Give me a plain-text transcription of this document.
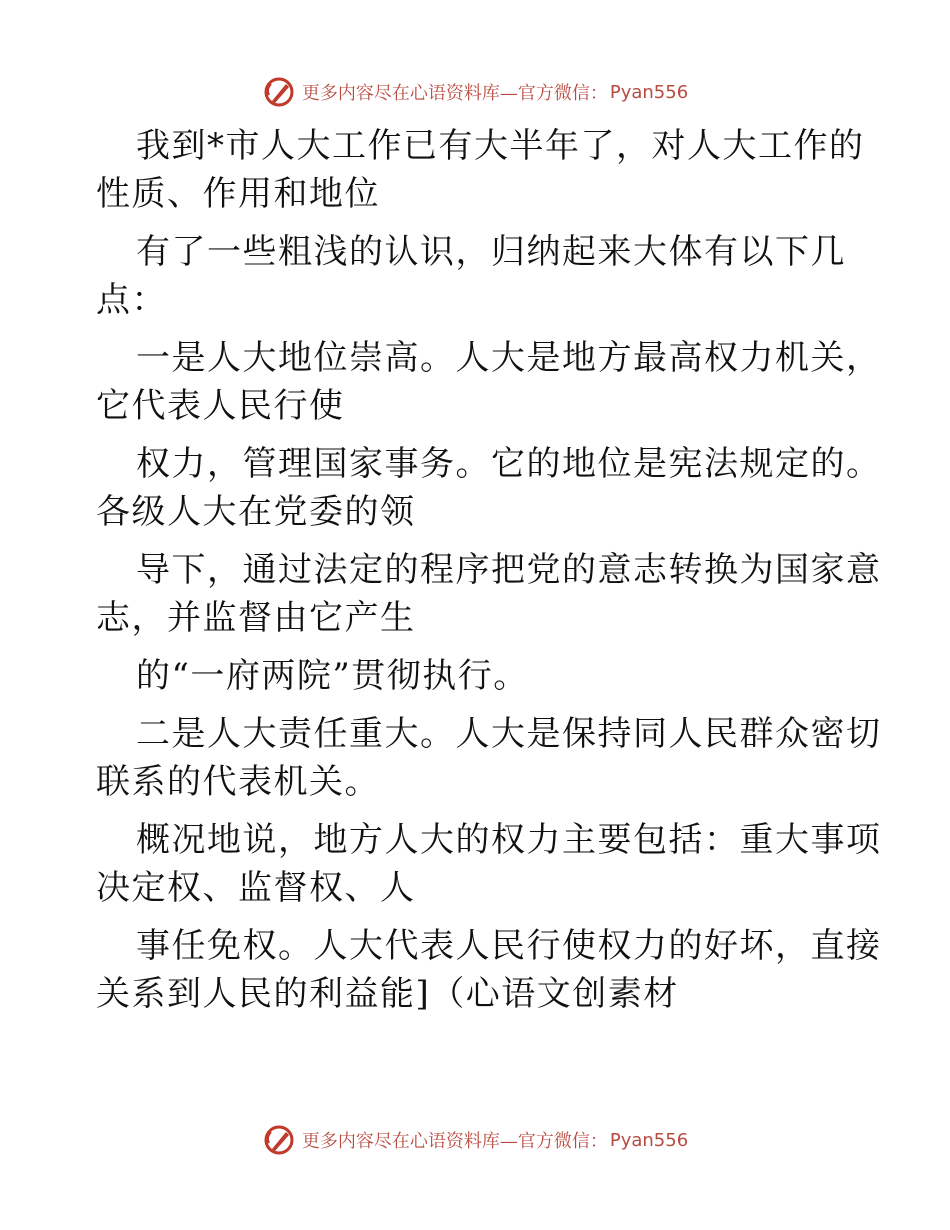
更多内容尽在心语资料库—官方微信： Pyan556
我到*市人大工作已有大半年了，对人大工作的
性质、作用和地位
有了一些粗浅的认识，归纳起来大体有以下几
点：
一是人大地位崇高。人大是地方最高权力机关，
它代表人民行使
权力，管理国家事务。它的地位是宪法规定的。
各级人大在党委的领
导下，通过法定的程序把党的意志转换为国家意
志，并监督由它产生
的“一府两院”贯彻执行。
二是人大责任重大。人大是保持同人民群众密切
联系的代表机关。
概况地说，地方人大的权力主要包括：重大事项
决定权、监督权、人
事任免权。人大代表人民行使权力的好坏，直接
关系到人民的利益能]（心语文创素材
更多内容尽在心语资料库—官方微信： Pyan556
